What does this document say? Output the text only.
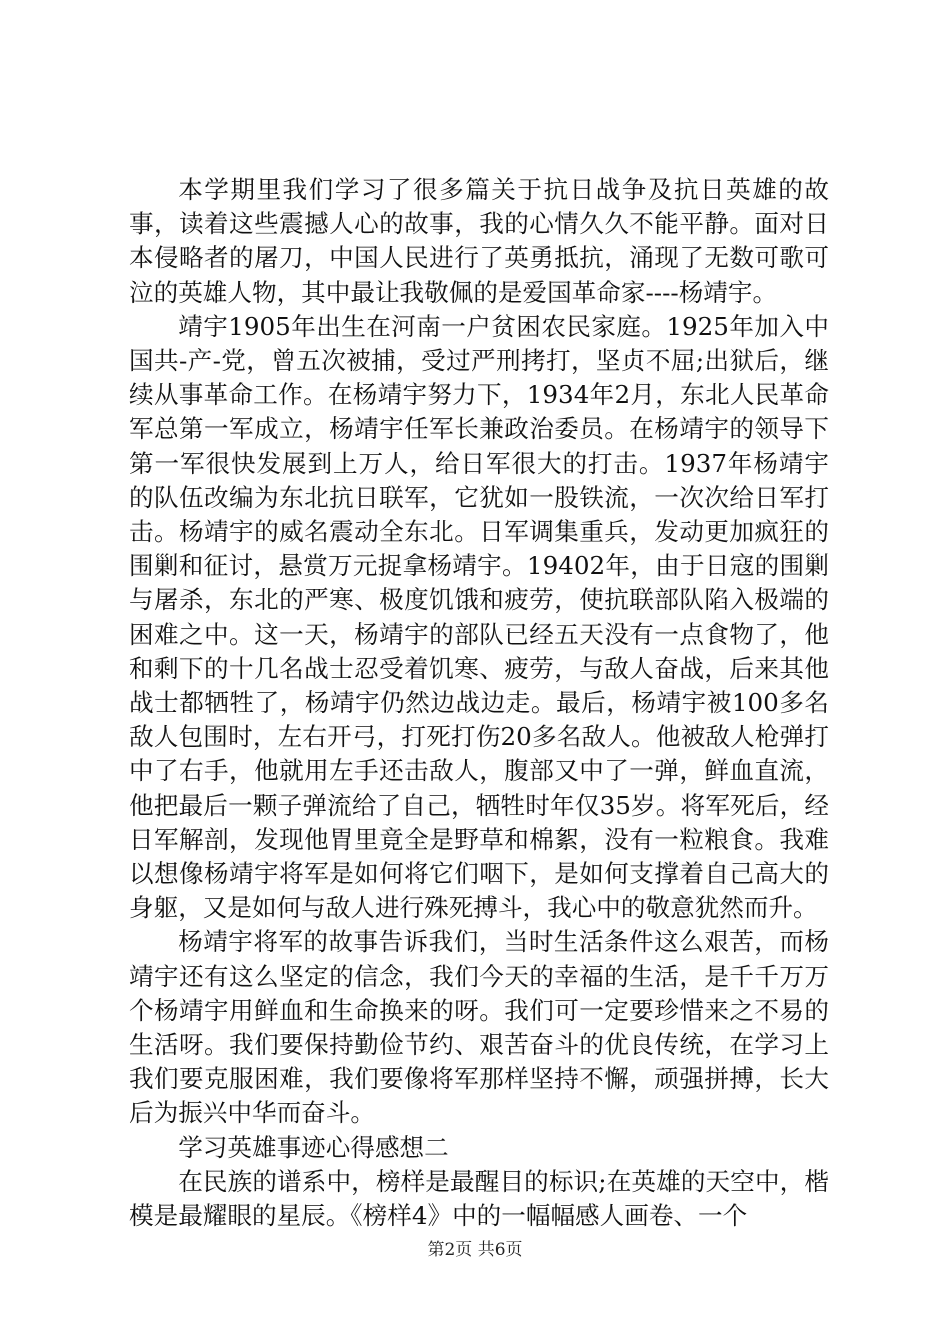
本学期里我们学习了很多篇关于抗日战争及抗日英雄的故事，读着这些震撼人心的故事，我的心情久久不能平静。面对日本侵略者的屠刀，中国人民进行了英勇抵抗，涌现了无数可歌可泣的英雄人物，其中最让我敬佩的是爱国革命家----杨靖宇。

靖宇1905年出生在河南一户贫困农民家庭。1925年加入中国共-产-党，曾五次被捕，受过严刑拷打，坚贞不屈;出狱后，继续从事革命工作。在杨靖宇努力下，1934年2月，东北人民革命军总第一军成立，杨靖宇任军长兼政治委员。在杨靖宇的领导下第一军很快发展到上万人，给日军很大的打击。1937年杨靖宇的队伍改编为东北抗日联军，它犹如一股铁流，一次次给日军打击。杨靖宇的威名震动全东北。日军调集重兵，发动更加疯狂的围剿和征讨，悬赏万元捉拿杨靖宇。19402年，由于日寇的围剿与屠杀，东北的严寒、极度饥饿和疲劳，使抗联部队陷入极端的困难之中。这一天，杨靖宇的部队已经五天没有一点食物了，他和剩下的十几名战士忍受着饥寒、疲劳，与敌人奋战，后来其他战士都牺牲了，杨靖宇仍然边战边走。最后，杨靖宇被100多名敌人包围时，左右开弓，打死打伤20多名敌人。他被敌人枪弹打中了右手，他就用左手还击敌人，腹部又中了一弹，鲜血直流，他把最后一颗子弹流给了自己，牺牲时年仅35岁。将军死后，经日军解剖，发现他胃里竟全是野草和棉絮，没有一粒粮食。我难以想像杨靖宇将军是如何将它们咽下，是如何支撑着自己高大的身躯，又是如何与敌人进行殊死搏斗，我心中的敬意犹然而升。

杨靖宇将军的故事告诉我们，当时生活条件这么艰苦，而杨靖宇还有这么坚定的信念，我们今天的幸福的生活，是千千万万个杨靖宇用鲜血和生命换来的呀。我们可一定要珍惜来之不易的生活呀。我们要保持勤俭节约、艰苦奋斗的优良传统，在学习上我们要克服困难，我们要像将军那样坚持不懈，顽强拼搏，长大后为振兴中华而奋斗。

学习英雄事迹心得感想二

在民族的谱系中，榜样是最醒目的标识;在英雄的天空中，楷模是最耀眼的星辰。《榜样4》中的一幅幅感人画卷、一个

第2页 共6页
